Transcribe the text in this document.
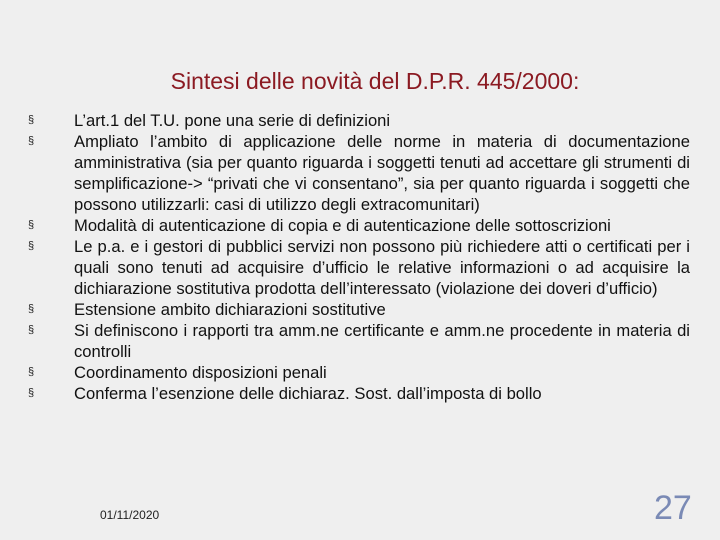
Sintesi delle novità del D.P.R. 445/2000:
§ L’art.1 del T.U. pone una serie di definizioni
§ Ampliato l’ambito di applicazione delle norme in materia di documentazione amministrativa (sia per quanto riguarda i soggetti tenuti ad accettare gli strumenti di semplificazione-> “privati che vi consentano”, sia per quanto riguarda i soggetti che possono utilizzarli: casi di utilizzo degli extracomunitari)
§ Modalità di autenticazione di copia e di autenticazione delle sottoscrizioni
§ Le p.a. e i gestori di pubblici servizi non possono più richiedere atti o certificati per i quali sono tenuti ad acquisire d’ufficio le relative informazioni o ad acquisire la dichiarazione sostitutiva prodotta dell’interessato (violazione dei doveri d’ufficio)
§ Estensione ambito dichiarazioni sostitutive
§ Si definiscono i rapporti tra amm.ne certificante e amm.ne procedente in materia di controlli
§ Coordinamento disposizioni penali
§ Conferma l’esenzione delle dichiaraz. Sost. dall’imposta di bollo
01/11/2020	27
